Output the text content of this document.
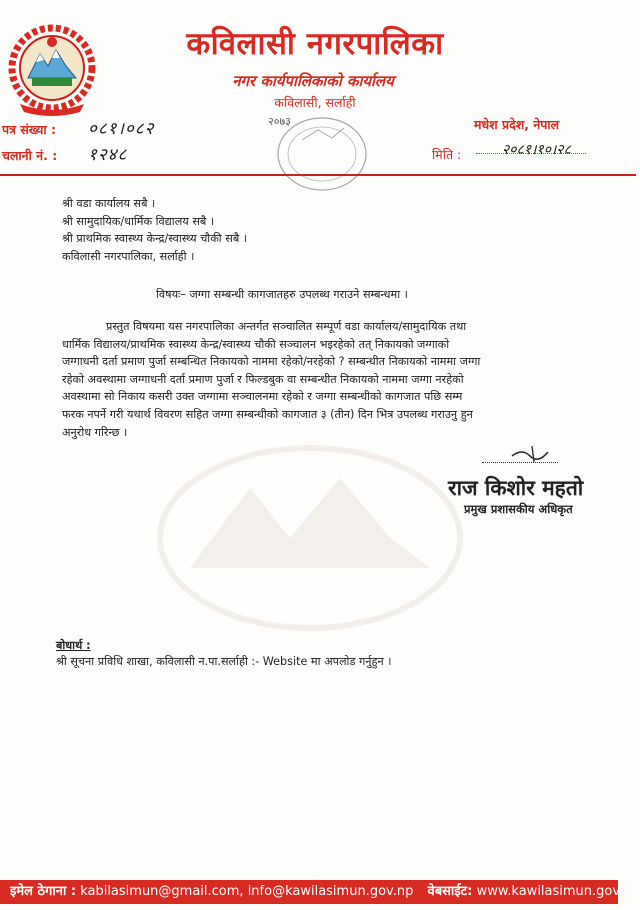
कविलासी नगरपालिका
नगर कार्यपालिकाको कार्यालय
कविलासी, सर्लाही
२०७३
पत्र संख्या : ०८१।०८२
चलानी नं. : १२४८
मधेश प्रदेश, नेपाल
मिति :	२०८१।१०।२८
श्री वडा कार्यालय सबै ।
श्री सामुदायिक/धार्मिक विद्यालय सबै ।
श्री प्राथमिक स्वास्थ्य केन्द्र/स्वास्थ्य चौकी सबै ।
कविलासी नगरपालिका, सर्लाही ।
विषयः– जग्गा सम्बन्धी कागजातहरु उपलब्ध गराउने सम्बन्धमा ।
प्रस्तुत विषयमा यस नगरपालिका अन्तर्गत सञ्चालित सम्पूर्ण वडा कार्यालय/सामुदायिक तथा
धार्मिक विद्यालय/प्राथमिक स्वास्थ्य केन्द्र/स्वास्थ्य चौकी सञ्चालन भइरहेको तत् निकायको जग्गाको
जग्गाधनी दर्ता प्रमाण पुर्जा सम्बन्धित निकायको नाममा रहेको/नरहेको ? सम्बन्धीत निकायको नाममा जग्गा
रहेको अवस्थामा जग्गाधनी दर्ता प्रमाण पुर्जा र फिल्डबुक वा सम्बन्धीत निकायको नाममा जग्गा नरहेको
अवस्थामा सो निकाय कसरी उक्त जग्गामा सञ्चालनमा रहेको र जग्गा सम्बन्धीको कागजात पछि सम्म
फरक नपर्ने गरी यथार्थ विवरण सहित जग्गा सम्बन्धीको कागजात ३ (तीन) दिन भित्र उपलब्ध गराउनु हुन
अनुरोध गरिन्छ ।
राज किशोर महतो
प्रमुख प्रशासकीय अधिकृत
बोधार्थ :
श्री सूचना प्रविधि शाखा, कविलासी न.पा.सर्लाही :- Website मा अपलोड गर्नुहुन ।
इमेल ठेगाना : kabilasimun@gmail.com, info@kawilasimun.gov.np वेबसाईट: www.kawilasimun.gov.np
